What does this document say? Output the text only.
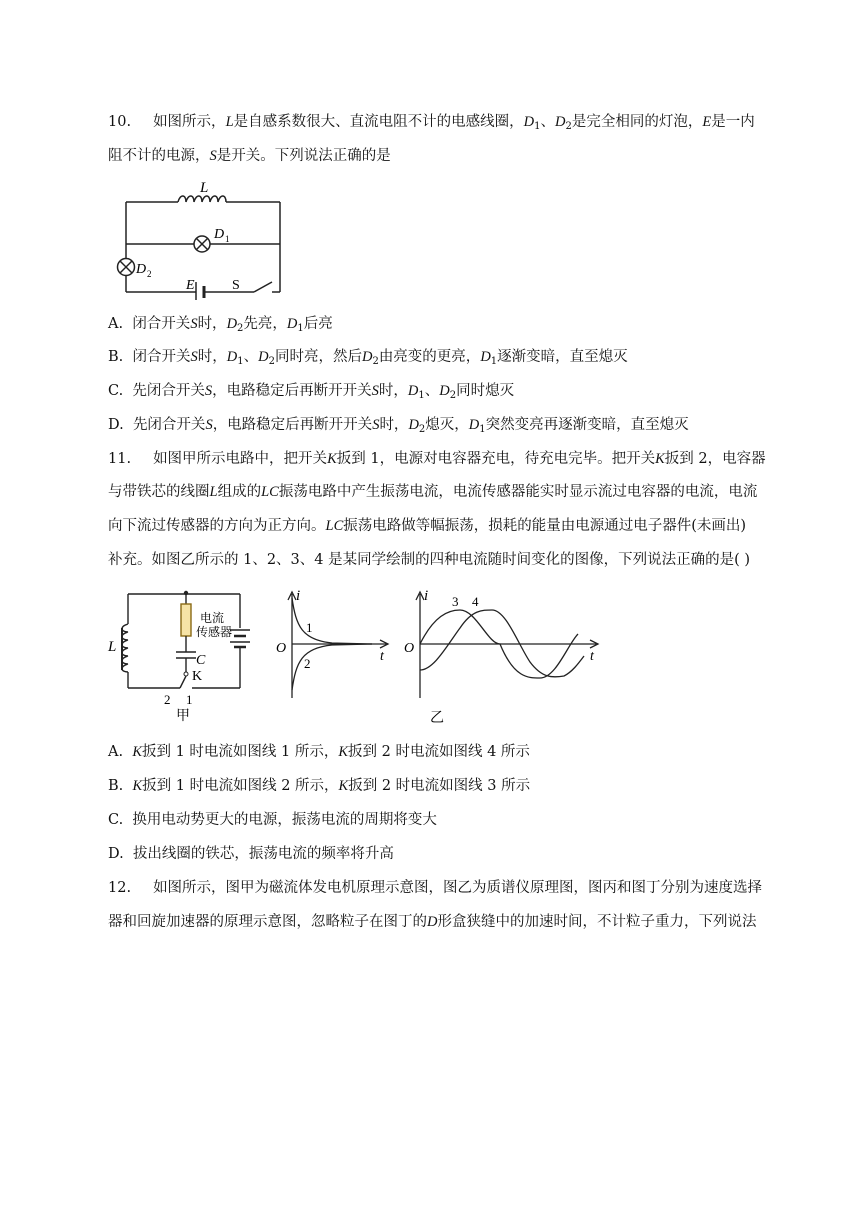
10. 如图所示，L是自感系数很大、直流电阻不计的电感线圈，$D_1$、$D_2$是完全相同的灯泡，E是一内
阻不计的电源，S是开关。下列说法正确的是
L
D 1
D 2
E	S
A. 闭合开关S时，$D_2$先亮，$D_1$后亮
B. 闭合开关S时，$D_1$、$D_2$同时亮，然后$D_2$由亮变的更亮，$D_1$逐渐变暗，直至熄灭
C. 先闭合开关S，电路稳定后再断开开关S时，$D_1$、$D_2$同时熄灭
D. 先闭合开关S，电路稳定后再断开开关S时，$D_2$熄灭，$D_1$突然变亮再逐渐变暗，直至熄灭
11. 如图甲所示电路中，把开关K扳到 1，电源对电容器充电，待充电完毕。把开关K扳到 2，电容器
与带铁芯的线圈L组成的LC振荡电路中产生振荡电流，电流传感器能实时显示流过电容器的电流，电流
向下流过传感器的方向为正方向。LC振荡电路做等幅振荡，损耗的能量由电源通过电子器件(未画出)
补充。如图乙所示的 1、2、3、4 是某同学绘制的四种电流随时间变化的图像，下列说法正确的是( )
L
电流
传感器
C
K
2 1
甲
i
O
t
1
2
i
O
t
3 4
乙
A. K扳到 1 时电流如图线 1 所示，K扳到 2 时电流如图线 4 所示
B. K扳到 1 时电流如图线 2 所示，K扳到 2 时电流如图线 3 所示
C. 换用电动势更大的电源，振荡电流的周期将变大
D. 拔出线圈的铁芯，振荡电流的频率将升高
12. 如图所示，图甲为磁流体发电机原理示意图，图乙为质谱仪原理图，图丙和图丁分别为速度选择
器和回旋加速器的原理示意图，忽略粒子在图丁的D形盒狭缝中的加速时间，不计粒子重力，下列说法
